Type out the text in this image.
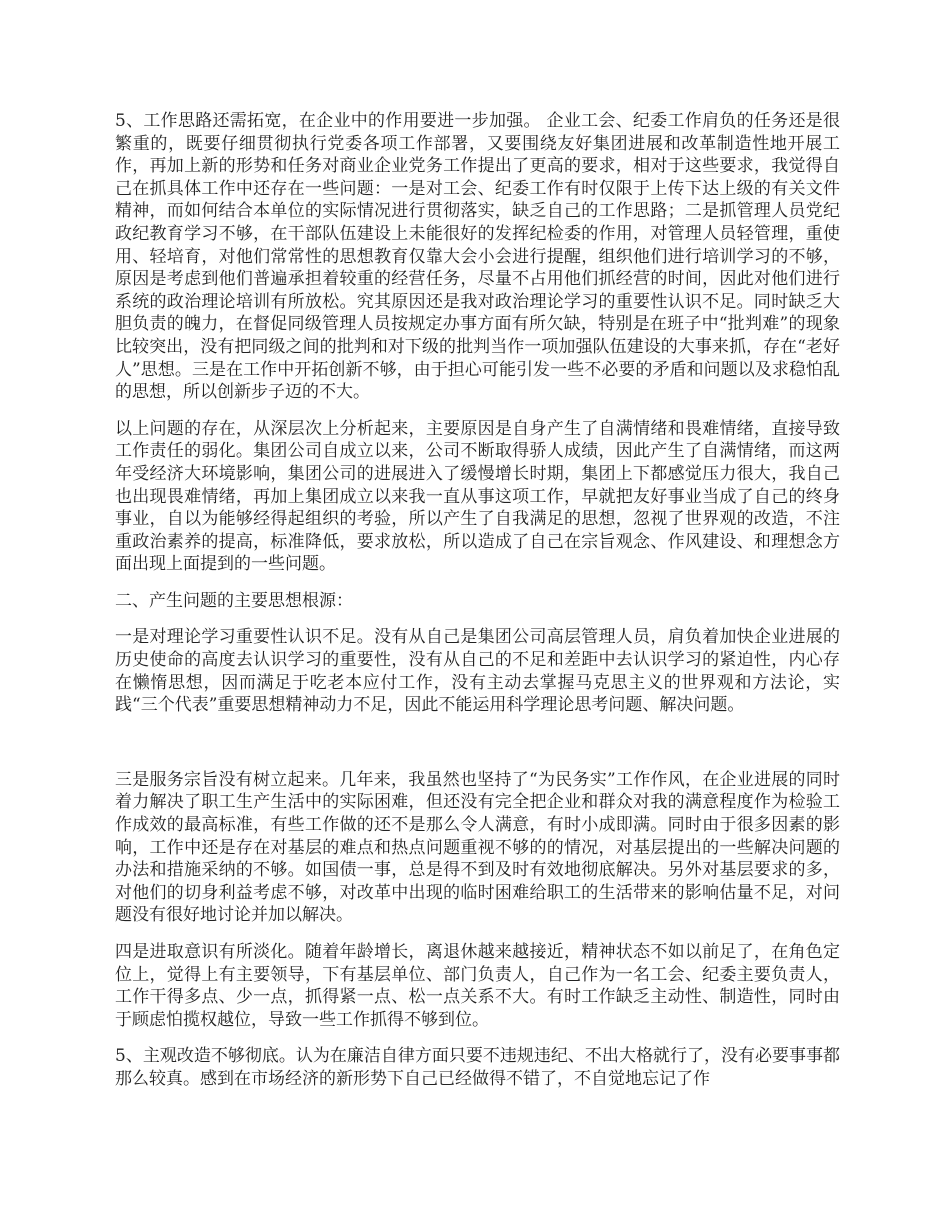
5、工作思路还需拓宽，在企业中的作用要进一步加强。 企业工会、纪委工作肩负的任务还是很繁重的，既要仔细贯彻执行党委各项工作部署，又要围绕友好集团进展和改革制造性地开展工作，再加上新的形势和任务对商业企业党务工作提出了更高的要求，相对于这些要求，我觉得自己在抓具体工作中还存在一些问题：一是对工会、纪委工作有时仅限于上传下达上级的有关文件精神，而如何结合本单位的实际情况进行贯彻落实，缺乏自己的工作思路；二是抓管理人员党纪政纪教育学习不够，在干部队伍建设上未能很好的发挥纪检委的作用，对管理人员轻管理，重使用、轻培育，对他们常常性的思想教育仅靠大会小会进行提醒，组织他们进行培训学习的不够，原因是考虑到他们普遍承担着较重的经营任务，尽量不占用他们抓经营的时间，因此对他们进行系统的政治理论培训有所放松。究其原因还是我对政治理论学习的重要性认识不足。同时缺乏大胆负责的魄力，在督促同级管理人员按规定办事方面有所欠缺，特别是在班子中“批判难”的现象比较突出，没有把同级之间的批判和对下级的批判当作一项加强队伍建设的大事来抓，存在“老好人”思想。三是在工作中开拓创新不够，由于担心可能引发一些不必要的矛盾和问题以及求稳怕乱的思想，所以创新步子迈的不大。

以上问题的存在，从深层次上分析起来，主要原因是自身产生了自满情绪和畏难情绪，直接导致工作责任的弱化。集团公司自成立以来，公司不断取得骄人成绩，因此产生了自满情绪，而这两年受经济大环境影响，集团公司的进展进入了缓慢增长时期，集团上下都感觉压力很大，我自己也出现畏难情绪，再加上集团成立以来我一直从事这项工作，早就把友好事业当成了自己的终身事业，自以为能够经得起组织的考验，所以产生了自我满足的思想，忽视了世界观的改造，不注重政治素养的提高，标准降低，要求放松，所以造成了自己在宗旨观念、作风建设、和理想念方面出现上面提到的一些问题。

二、产生问题的主要思想根源：

一是对理论学习重要性认识不足。没有从自己是集团公司高层管理人员，肩负着加快企业进展的历史使命的高度去认识学习的重要性，没有从自己的不足和差距中去认识学习的紧迫性，内心存在懒惰思想，因而满足于吃老本应付工作，没有主动去掌握马克思主义的世界观和方法论，实践“三个代表”重要思想精神动力不足，因此不能运用科学理论思考问题、解决问题。

三是服务宗旨没有树立起来。几年来，我虽然也坚持了“为民务实”工作作风，在企业进展的同时着力解决了职工生产生活中的实际困难，但还没有完全把企业和群众对我的满意程度作为检验工作成效的最高标准，有些工作做的还不是那么令人满意，有时小成即满。同时由于很多因素的影响，工作中还是存在对基层的难点和热点问题重视不够的的情况，对基层提出的一些解决问题的办法和措施采纳的不够。如国债一事，总是得不到及时有效地彻底解决。另外对基层要求的多，对他们的切身利益考虑不够，对改革中出现的临时困难给职工的生活带来的影响估量不足，对问题没有很好地讨论并加以解决。

四是进取意识有所淡化。随着年龄增长，离退休越来越接近，精神状态不如以前足了，在角色定位上，觉得上有主要领导，下有基层单位、部门负责人，自己作为一名工会、纪委主要负责人，工作干得多点、少一点，抓得紧一点、松一点关系不大。有时工作缺乏主动性、制造性，同时由于顾虑怕揽权越位，导致一些工作抓得不够到位。

5、主观改造不够彻底。认为在廉洁自律方面只要不违规违纪、不出大格就行了，没有必要事事都那么较真。感到在市场经济的新形势下自己已经做得不错了，不自觉地忘记了作
